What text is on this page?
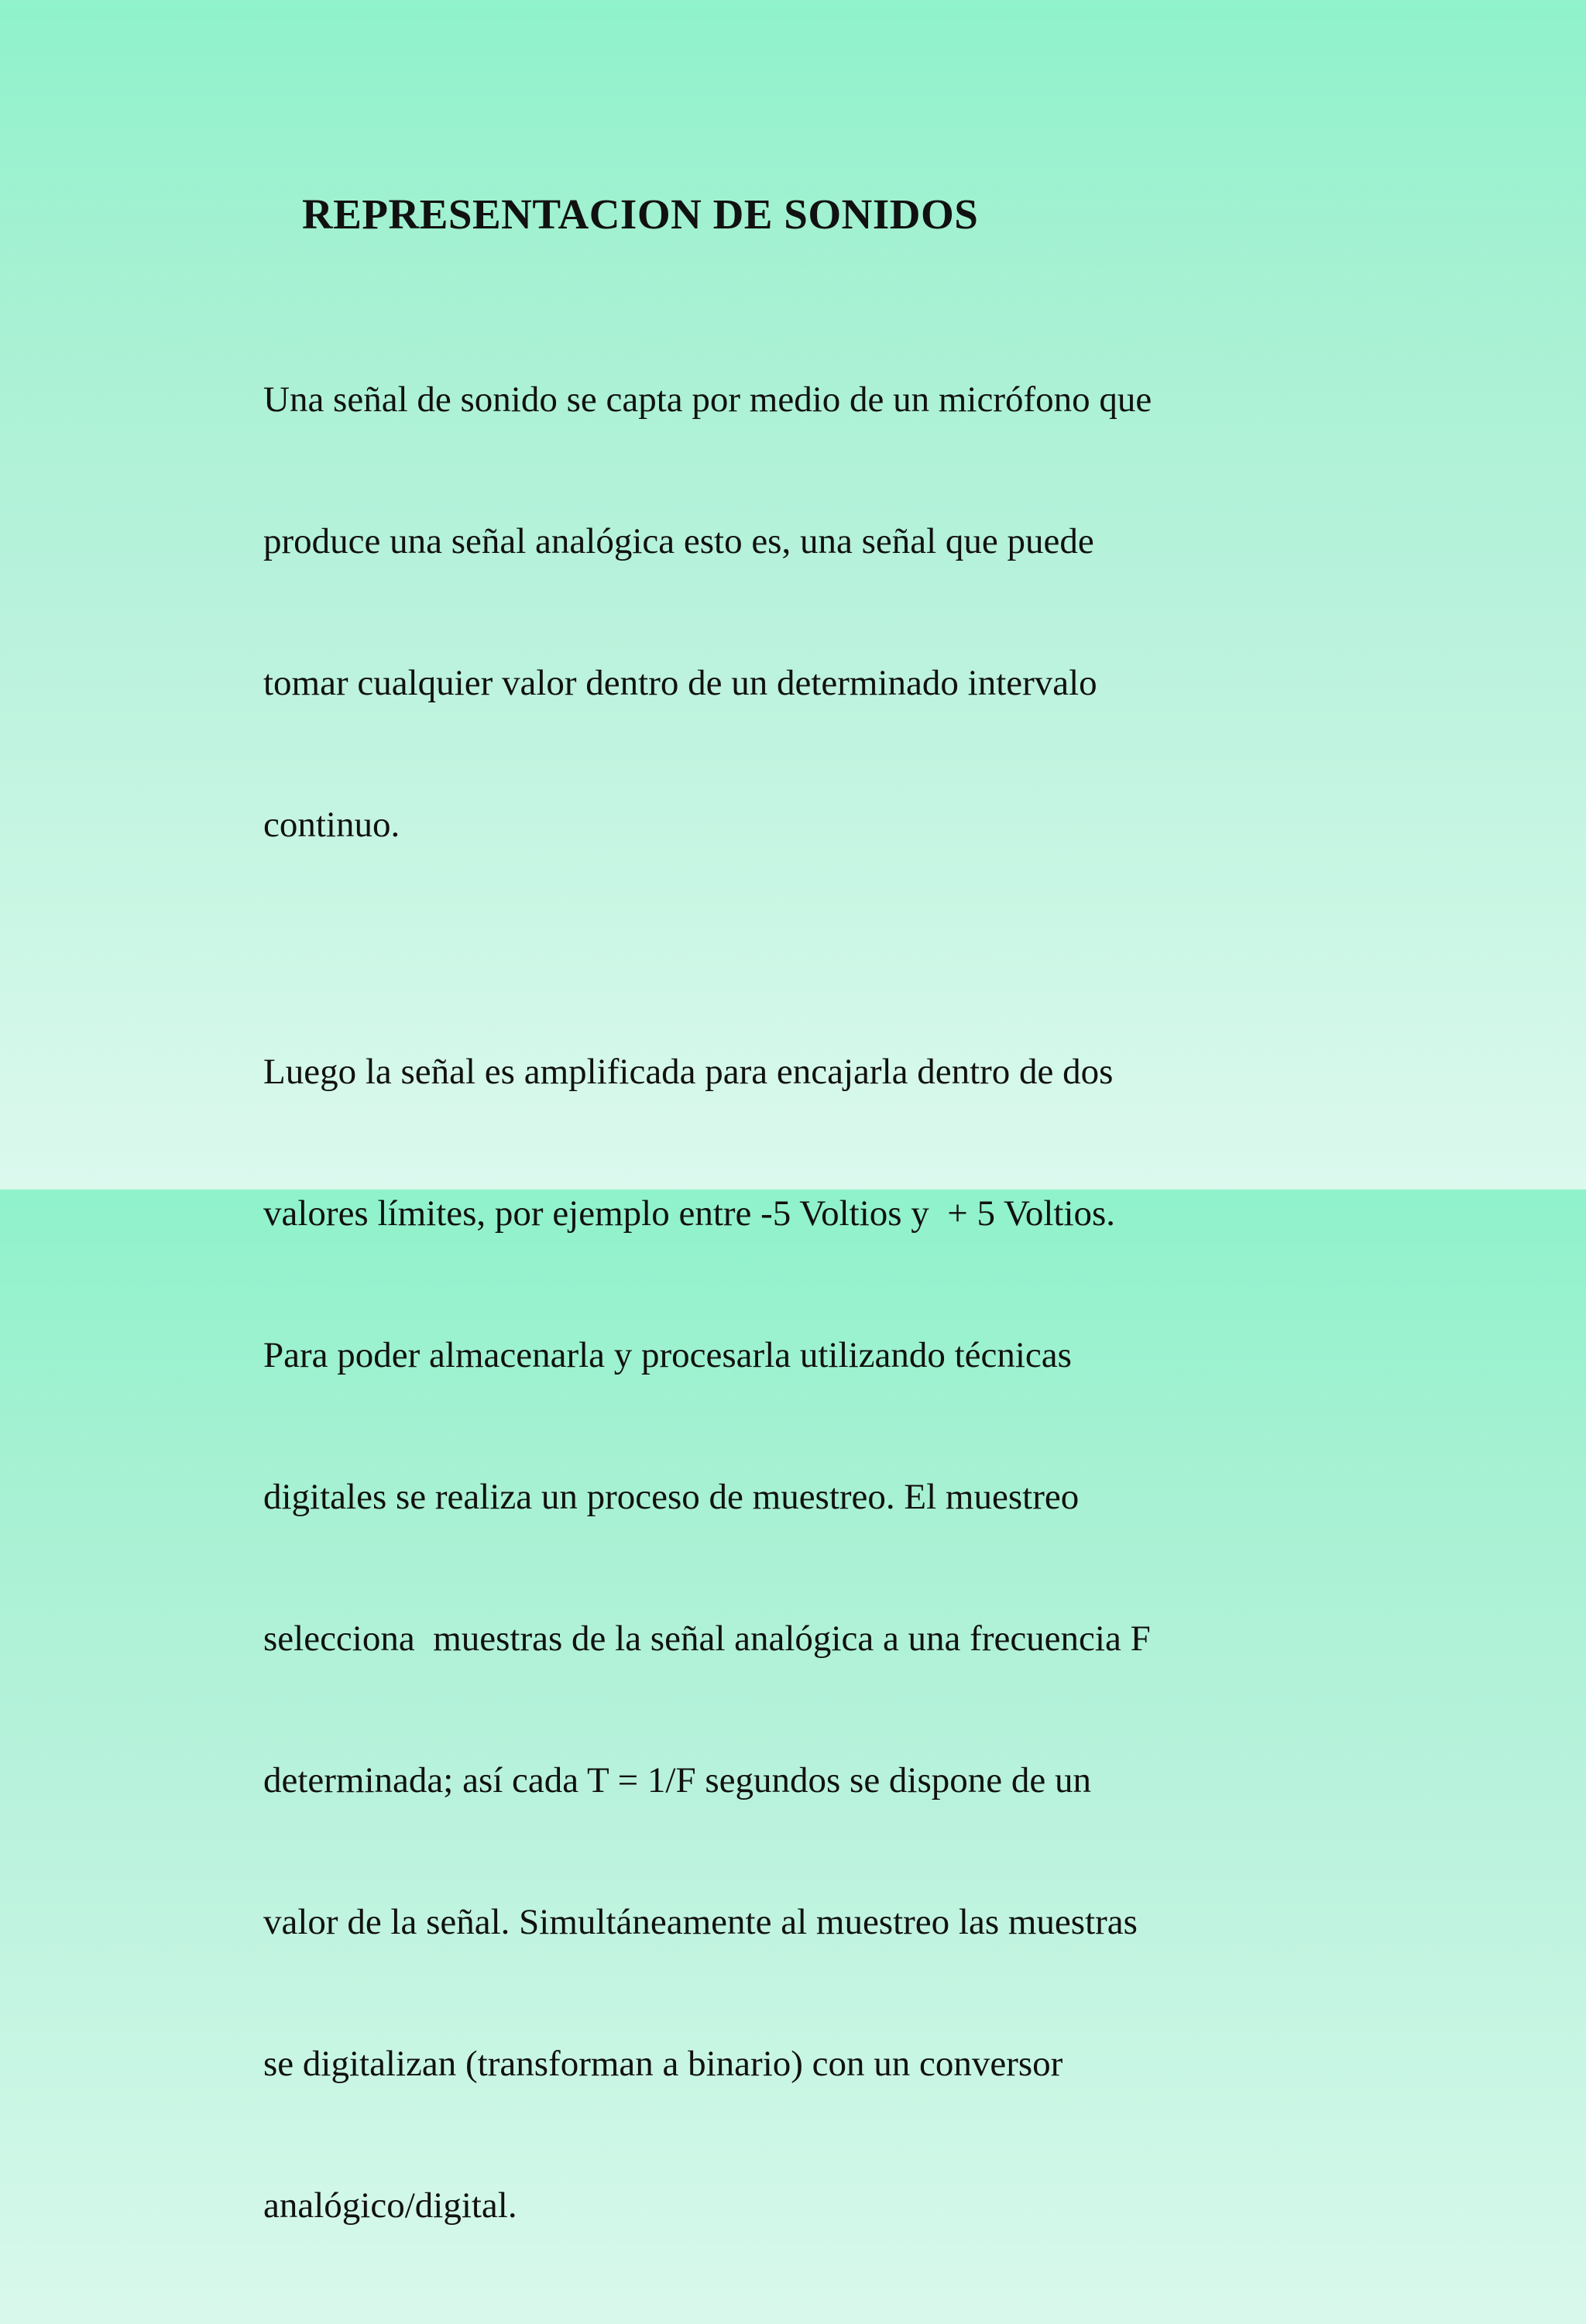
REPRESENTACION DE SONIDOS

Una señal de sonido se capta por medio de un micrófono que

produce una señal analógica esto es, una señal que puede

tomar cualquier valor dentro de un determinado intervalo

continuo.

Luego la señal es amplificada para encajarla dentro de dos

valores límites, por ejemplo entre -5 Voltios y  + 5 Voltios.

Para poder almacenarla y procesarla utilizando técnicas

digitales se realiza un proceso de muestreo. El muestreo

selecciona  muestras de la señal analógica a una frecuencia F

determinada; así cada T = 1/F segundos se dispone de un

valor de la señal. Simultáneamente al muestreo las muestras

se digitalizan (transforman a binario) con un conversor

analógico/digital.
